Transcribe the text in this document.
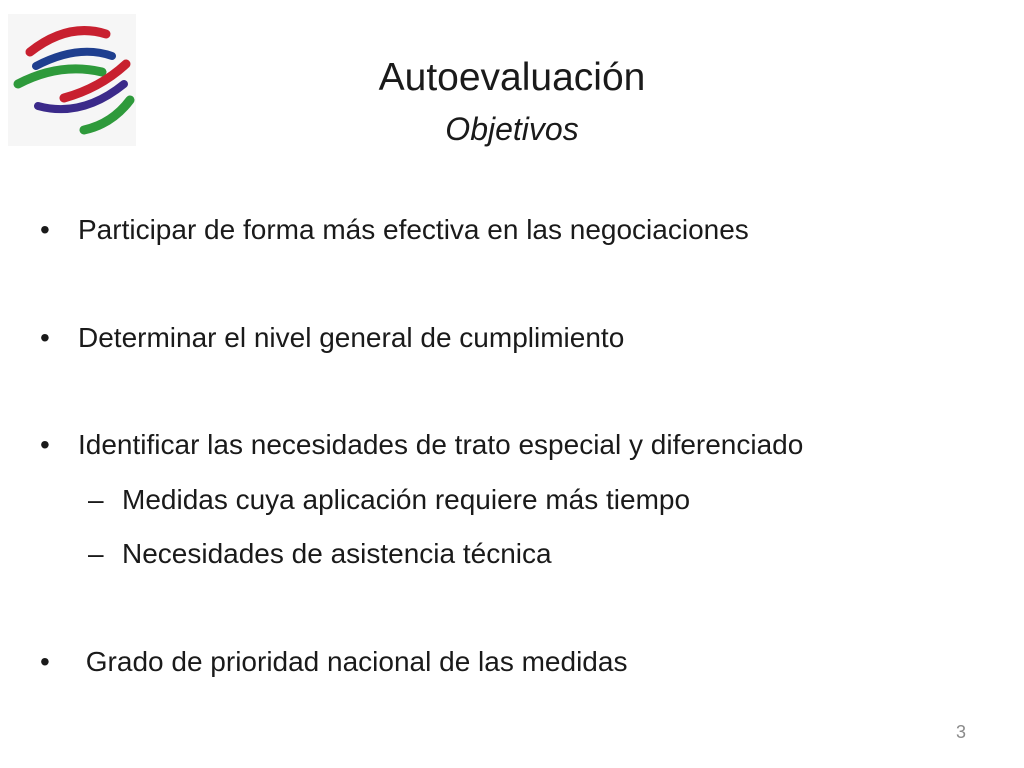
Autoevaluación
Objetivos
• Participar de forma más efectiva en las negociaciones
• Determinar el nivel general de cumplimiento
• Identificar las necesidades de trato especial y diferenciado
– Medidas cuya aplicación requiere más tiempo
– Necesidades de asistencia técnica
• Grado de prioridad nacional de las medidas
3
